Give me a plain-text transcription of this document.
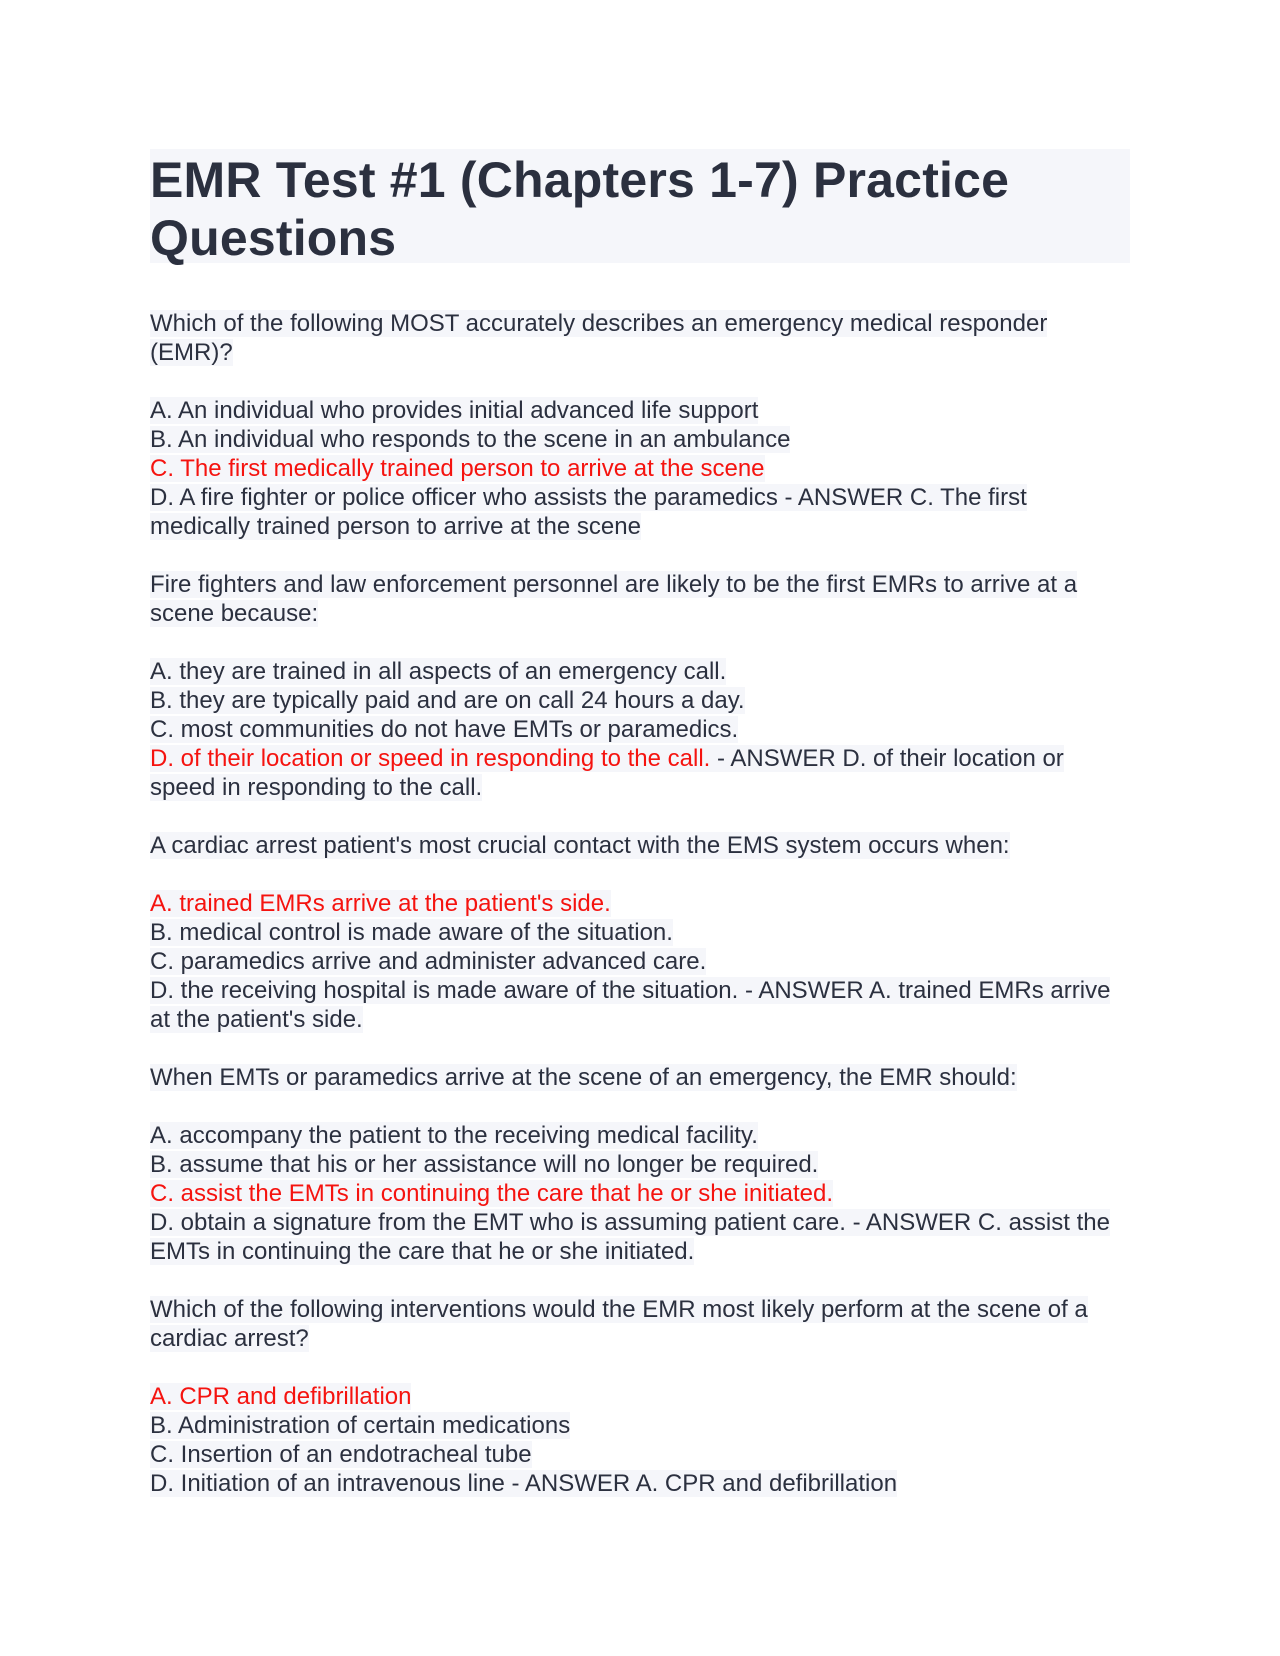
EMR Test #1 (Chapters 1-7) Practice Questions
Which of the following MOST accurately describes an emergency medical responder (EMR)?
A. An individual who provides initial advanced life support
B. An individual who responds to the scene in an ambulance
C. The first medically trained person to arrive at the scene
D. A fire fighter or police officer who assists the paramedics - ANSWER C. The first medically trained person to arrive at the scene
Fire fighters and law enforcement personnel are likely to be the first EMRs to arrive at a scene because:
A. they are trained in all aspects of an emergency call.
B. they are typically paid and are on call 24 hours a day.
C. most communities do not have EMTs or paramedics.
D. of their location or speed in responding to the call. - ANSWER D. of their location or speed in responding to the call.
A cardiac arrest patient's most crucial contact with the EMS system occurs when:
A. trained EMRs arrive at the patient's side.
B. medical control is made aware of the situation.
C. paramedics arrive and administer advanced care.
D. the receiving hospital is made aware of the situation. - ANSWER A. trained EMRs arrive at the patient's side.
When EMTs or paramedics arrive at the scene of an emergency, the EMR should:
A. accompany the patient to the receiving medical facility.
B. assume that his or her assistance will no longer be required.
C. assist the EMTs in continuing the care that he or she initiated.
D. obtain a signature from the EMT who is assuming patient care. - ANSWER C. assist the EMTs in continuing the care that he or she initiated.
Which of the following interventions would the EMR most likely perform at the scene of a cardiac arrest?
A. CPR and defibrillation
B. Administration of certain medications
C. Insertion of an endotracheal tube
D. Initiation of an intravenous line - ANSWER A. CPR and defibrillation
